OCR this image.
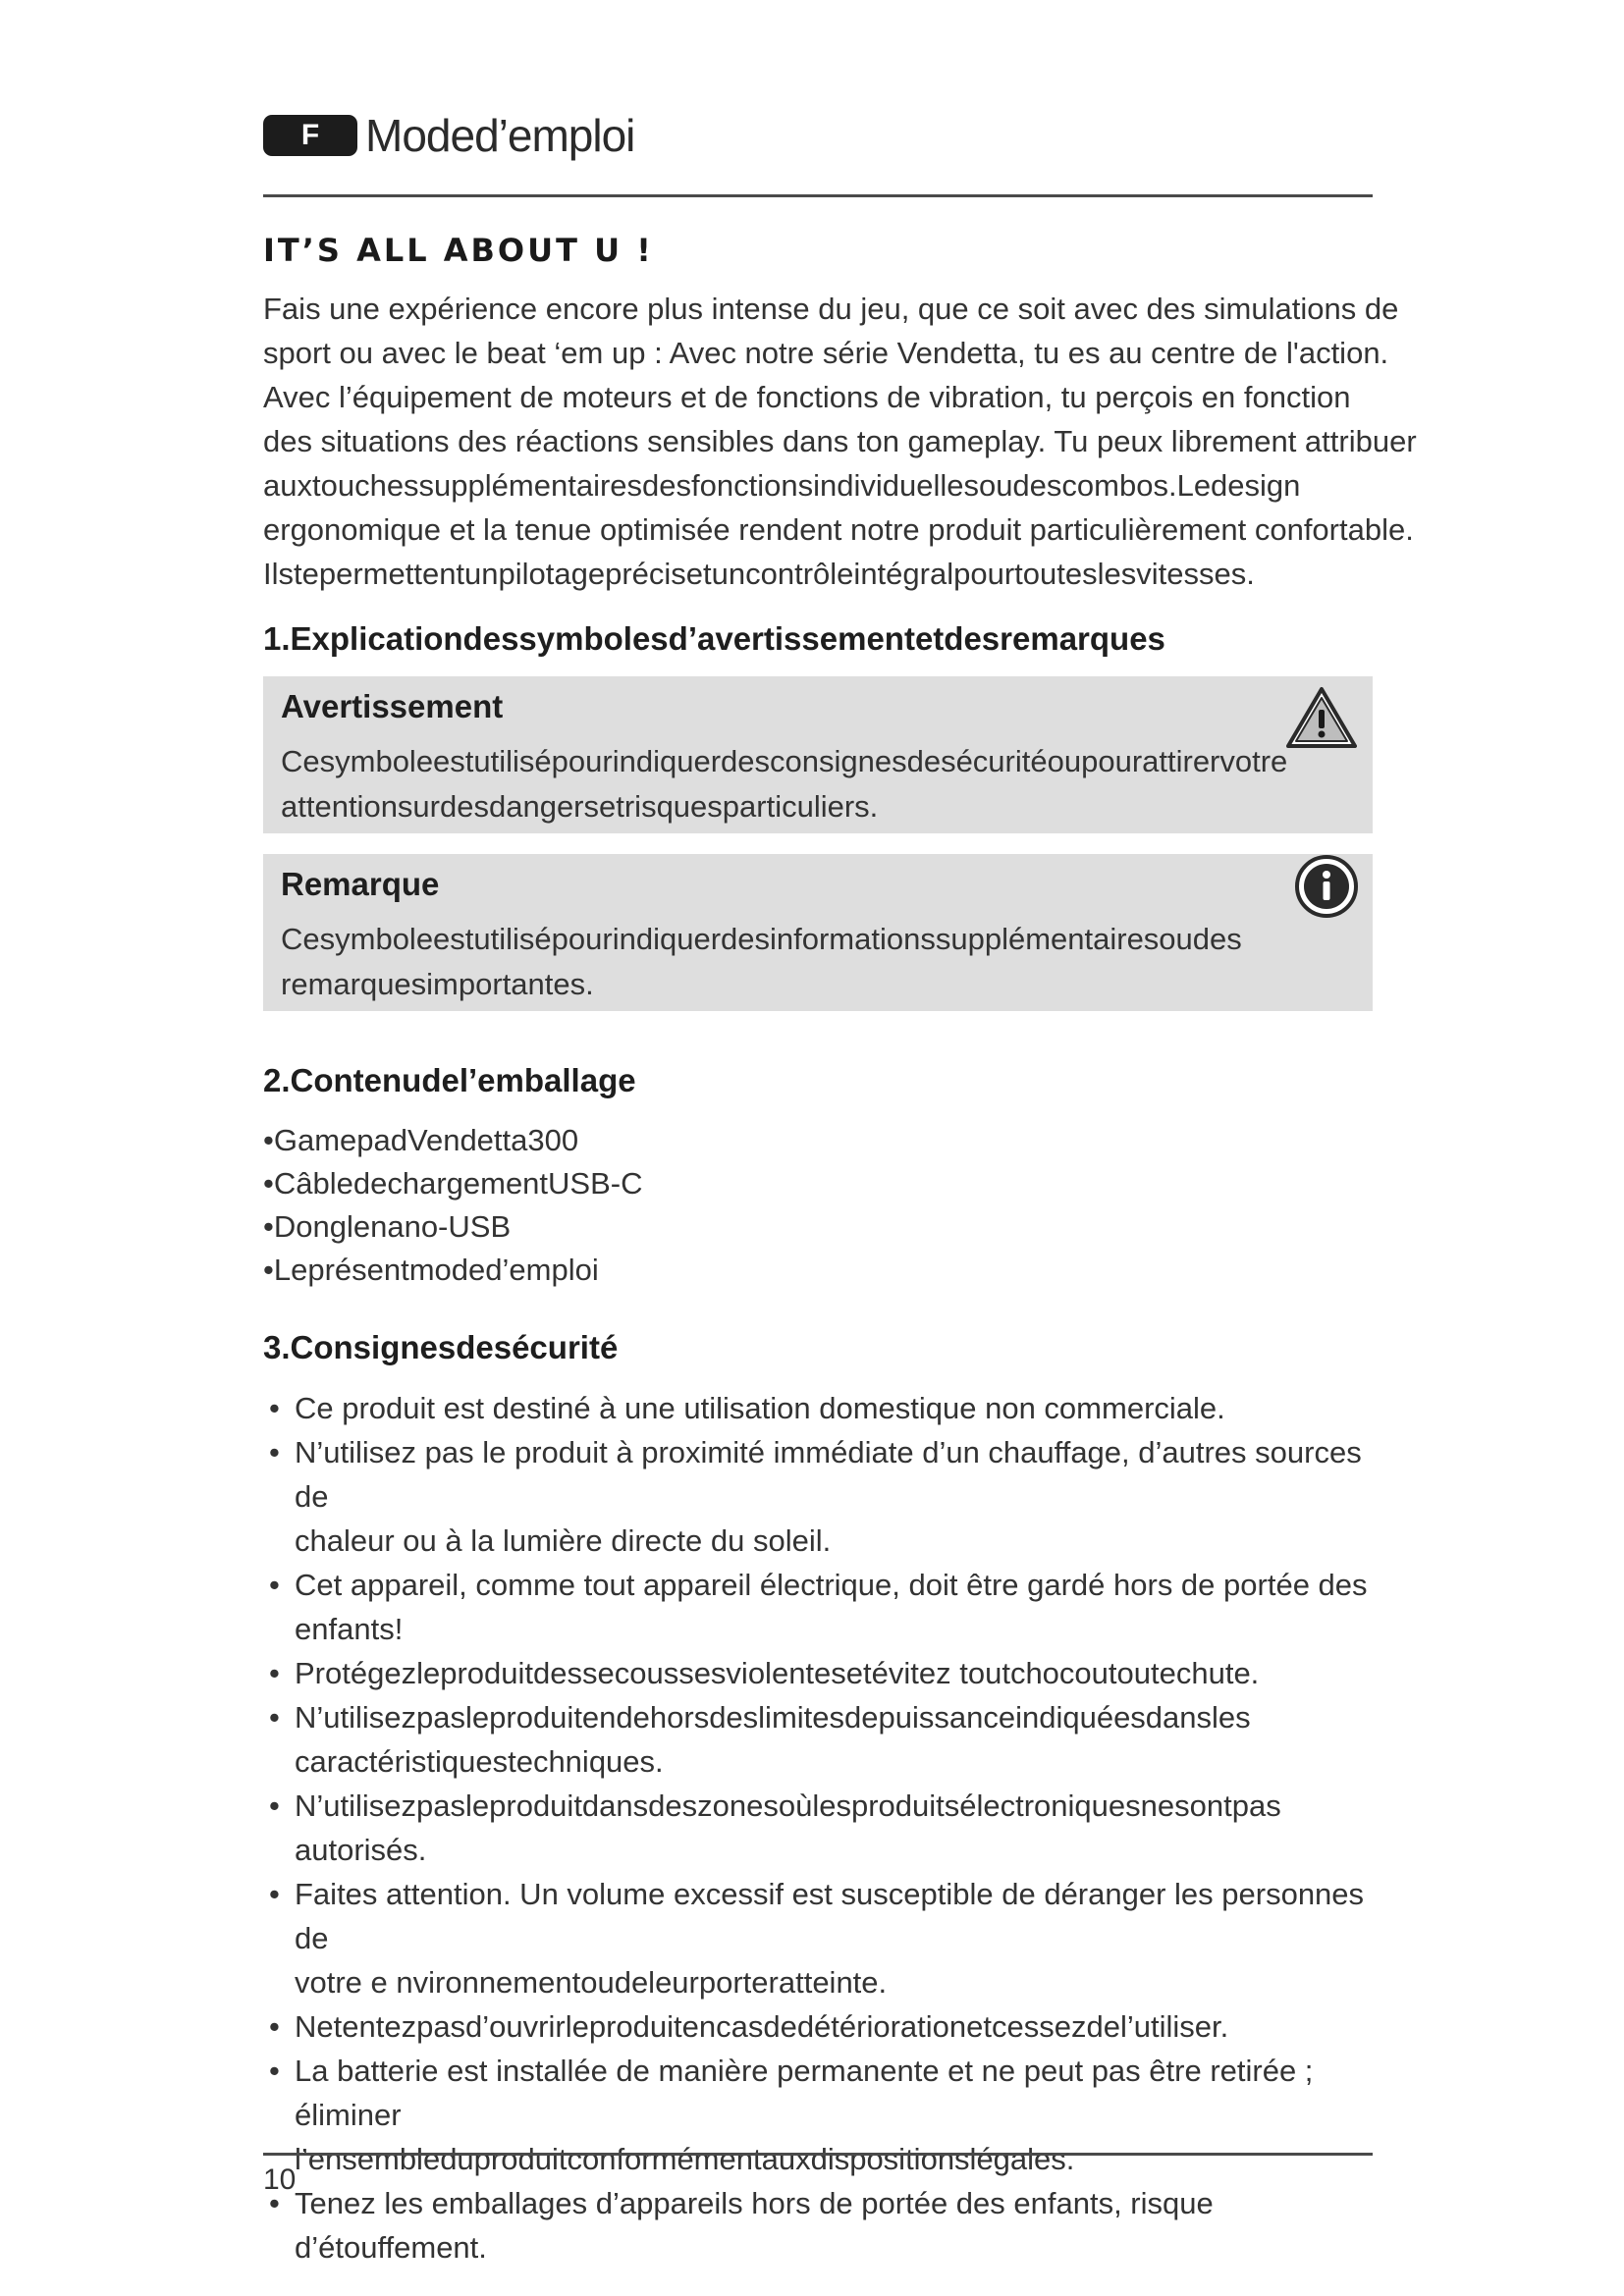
F	Moded’emploi
IT’S ALL ABOUT U !

Fais une expérience encore plus intense du jeu, que ce soit avec des simulations de

sport ou avec le beat ‘em up : Avec notre série Vendetta, tu es au centre de l'action.

Avec l’équipement de moteurs et de fonctions de vibration, tu perçois en fonction

des situations des réactions sensibles dans ton gameplay. Tu peux librement attribuer

auxtouchessupplémentairesdesfonctionsindividuellesoudescombos.Ledesign

ergonomique et la tenue optimisée rendent notre produit particulièrement confortable.

Ilstepermettentunpilotageprécisetuncontrôleintégralpourtouteslesvitesses.

1.Explicationdessymbolesd’avertissementetdesremarques
Avertissement
Cesymboleestutilisépourindiquerdesconsignesdesécuritéoupourattirervotre
attentionsurdesdangersetrisquesparticuliers.
Remarque
Cesymboleestutilisépourindiquerdesinformationssupplémentairesoudes
remarquesimportantes.
2.Contenudel’emballage
•GamepadVendetta300
•CâbledechargementUSB-C
•Donglenano-USB
•Leprésentmoded’emploi
3.Consignesdesécurité
• Ce produit est destiné à une utilisation domestique non commerciale.
• N’utilisez pas le produit à proximité immédiate d’un chauffage, d’autres sources de
chaleur ou à la lumière directe du soleil.
• Cet appareil, comme tout appareil électrique, doit être gardé hors de portée des
enfants!
• Protégezleproduitdessecoussesviolentesetévitez toutchocoutoutechute.
• N’utilisezpasleproduitendehorsdeslimitesdepuissanceindiquéesdansles
caractéristiquestechniques.
• N’utilisezpasleproduitdansdeszonesoùlesproduitsélectroniquesnesontpas
autorisés.
• Faites attention. Un volume excessif est susceptible de déranger les personnes de
votre e nvironnementoudeleurporteratteinte.
• Netentezpasd’ouvrirleproduitencasdedétériorationetcessezdel’utiliser.
• La batterie est installée de manière permanente et ne peut pas être retirée ; éliminer
l’ensembleduproduitconformémentauxdispositionslégales.
• Tenez les emballages d’appareils hors de portée des enfants, risque d’étouffement.
10
